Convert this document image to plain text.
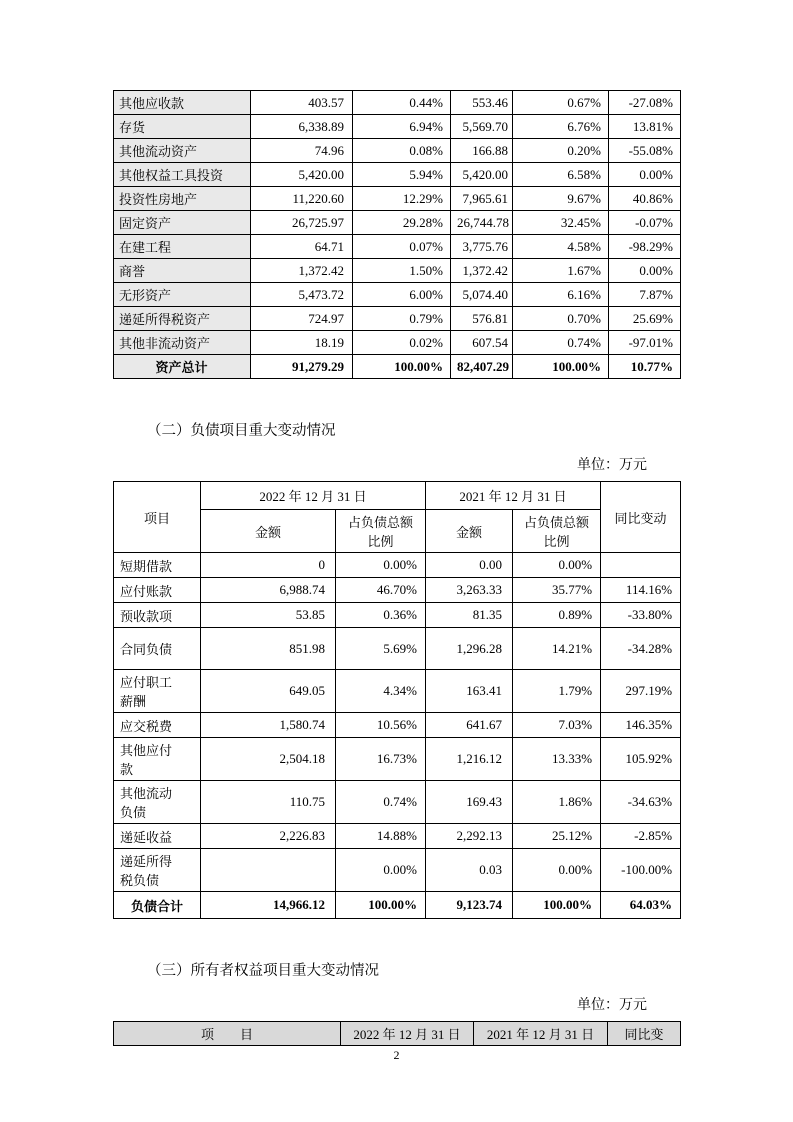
其他应收款	403.57	0.44%	553.46	0.67%	-27.08%
存货	6,338.89	6.94%	5,569.70	6.76%	13.81%
其他流动资产	74.96	0.08%	166.88	0.20%	-55.08%
其他权益工具投资	5,420.00	5.94%	5,420.00	6.58%	0.00%
投资性房地产	11,220.60	12.29%	7,965.61	9.67%	40.86%
固定资产	26,725.97	29.28%	26,744.78	32.45%	-0.07%
在建工程	64.71	0.07%	3,775.76	4.58%	-98.29%
商誉	1,372.42	1.50%	1,372.42	1.67%	0.00%
无形资产	5,473.72	6.00%	5,074.40	6.16%	7.87%
递延所得税资产	724.97	0.79%	576.81	0.70%	25.69%
其他非流动资产	18.19	0.02%	607.54	0.74%	-97.01%
资产总计	91,279.29	100.00%	82,407.29	100.00%	10.77%
（二）负债项目重大变动情况
单位：万元
项目	2022 年 12 月 31 日		2021 年 12 月 31 日		同比变动
	金额	占负债总额比例	金额	占负债总额比例	
短期借款	0	0.00%	0.00	0.00%	
应付账款	6,988.74	46.70%	3,263.33	35.77%	114.16%
预收款项	53.85	0.36%	81.35	0.89%	-33.80%
合同负债	851.98	5.69%	1,296.28	14.21%	-34.28%
应付职工薪酬	649.05	4.34%	163.41	1.79%	297.19%
应交税费	1,580.74	10.56%	641.67	7.03%	146.35%
其他应付款	2,504.18	16.73%	1,216.12	13.33%	105.92%
其他流动负债	110.75	0.74%	169.43	1.86%	-34.63%
递延收益	2,226.83	14.88%	2,292.13	25.12%	-2.85%
递延所得税负债		0.00%	0.03	0.00%	-100.00%
负债合计	14,966.12	100.00%	9,123.74	100.00%	64.03%
（三）所有者权益项目重大变动情况
单位：万元
项　　目	2022 年 12 月 31 日	2021 年 12 月 31 日	同比变
2
